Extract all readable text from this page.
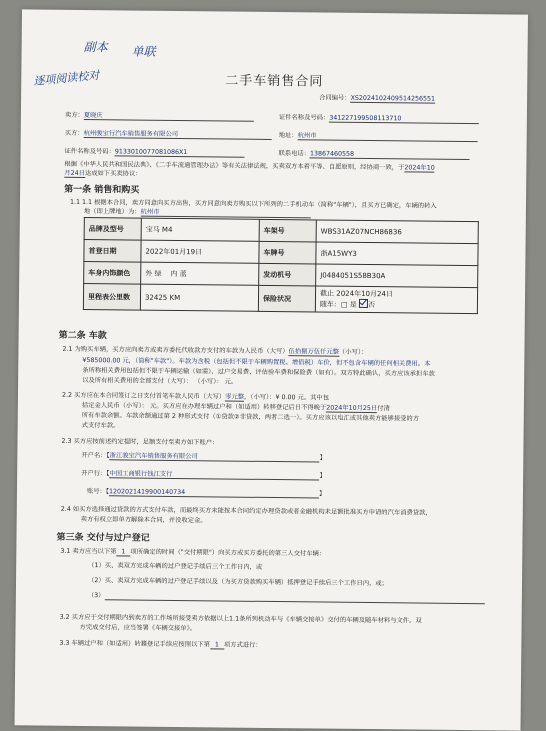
副本 单联
逐项阅读校对	二手车销售合同
合同编号：XS202410240951425655​1
卖方：夏晓庆	证件名称及号码：341227199508113710
买方：杭州骏宝行汽车销售服务有限公司	地址：杭州市
证件名称及号码：91330100770810​86X1	联系电话：13867460558
根据《中华人民共和国民法典》、《二手车流通管理办法》等有关法律法规，买卖双方本着平等、自愿原则，经协商一致，于2024年10
月24日达成如下买卖协议：
第一条 销售和购买
1.1 1.1 根据本合同，卖方同意向买方出售，买方同意向卖方购买以下所列的二手机动车（简称"车辆"），且买方已确定，车辆的转入
地（即上牌地）为：杭州市
品牌及型号	宝马 M4	车架号	WBS31AZ07NCH86836
首登日期	2022年01月19日	车牌号	浙A15WY3
车身内饰颜色	外 绿 内 蓝	发动机号	J0484051S58B30A
里程表公里数	32425 KM	保险状况	截止 2024年10月24日
随车：□ 是 否
第二条 车款
2.1 为购买车辆，买方应向卖方或卖方委托代收款方支付的车款为人民币（大写）伍拾捌万伍仟元整（小写）：
¥585000.00 元，（简称"车款"）。车款为含税（包括但不限于车辆购置税、增值税）车价，但不包含车辆的任何相关费用。本
条所称相关费用包括但不限于车辆运输（如需）、过户交易费、评估验车费和保险费（如有）。双方特此确认，买方应该承担车款
以及所有相关费用的全部支付（大写）： （小写）： 元。
2.2 买方应在本合同签订之日支付首笔车款人民币（大写）零元整，（小写）：¥ 0.00 元。其中包
括定金人民币（小写）： 元。买方应在办理车辆过户和（如适用）转移登记后日不得晚于2024年10月25日付清
所有车款余额。车款余额通过第 2 种形式支付（①贷款②非贷款，两者二选一）。买方应该以电汇或其他卖方能够接受的方
式支付车款。
2.3 买方应按前述约定提时，足额支付至卖方如下账户：
开户名：【浙江骏宝汽车销售服务有限公司	】
开户行：【中国工商银行钱江支行	】
账号：【1202021419900140734	】
2.4 如买方选择通过贷款的方式支付车款，而最终买方未能按本合同约定办理贷款或者金融机构未足额批准买方申请的汽车消费贷款，
卖方有权立即单方解除本合同，并没收定金。
第三条 交付与过户登记
3.1 卖方应当以下第 1 项所确定的时间（"交付期限"）向买方或买方委托的第三人交付车辆：
（1）买、卖双方完成车辆的过户登记手续后三个工作日内，或
（2）买、卖双方完成车辆的过户登记手续以及（为买方贷款购买车辆）抵押登记手续后三个工作日内，或；
（3）
3.2 买方应于交付期限内到卖方的工作场所接受卖方依据以上1.1条所列机动车与《车辆交接单》交付的车辆及随车材料与文件。双
方完成交付后，应当签署《车辆交接单》。
3.3 车辆过户和（如适用）转籍登记手续应按照以下第 1 项方式进行：
